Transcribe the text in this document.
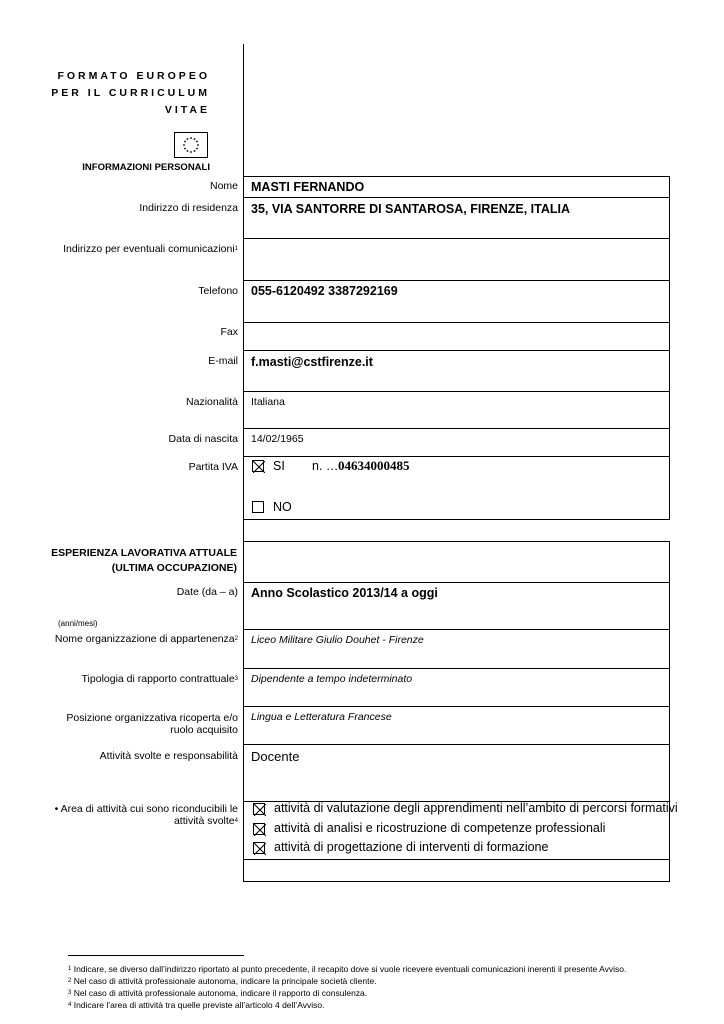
FORMATO EUROPEO
PER IL CURRICULUM
VITAE
INFORMAZIONI PERSONALI
Nome MASTI FERNANDO
Indirizzo di residenza 35, VIA SANTORRE DI SANTAROSA, FIRENZE, ITALIA
Indirizzo per eventuali comunicazioni$^1$
Telefono 055-6120492 3387292169
Fax
E-mail f.masti@cstfirenze.it
Nazionalità Italiana
Data di nascita 14/02/1965
Partita IVA	SI n. … 04634000485
NO
ESPERIENZA LAVORATIVA ATTUALE
(ULTIMA OCCUPAZIONE)
Date (da – a)
(anni/mesi)
Anno Scolastico 2013/14 a oggi
Nome organizzazione di appartenenza$^2$ Liceo Militare Giulio Douhet - Firenze
Tipologia di rapporto contrattuale$^3$ Dipendente a tempo indeterminato
Posizione organizzativa ricoperta e/o
ruolo acquisito
Lingua e Letteratura Francese
Attività svolte e responsabilità Docente
• Area di attività cui sono riconducibili le
attività svolte$^4$
attività di valutazione degli apprendimenti nell’ambito di percorsi formativi
attività di analisi e ricostruzione di competenze professionali
attività di progettazione di interventi di formazione
$^1$ Indicare, se diverso dall’indirizzo riportato al punto precedente, il recapito dove si vuole ricevere eventuali comunicazioni inerenti il presente Avviso.
$^2$ Nel caso di attività professionale autonoma, indicare la principale società cliente.
$^3$ Nel caso di attività professionale autonoma, indicare il rapporto di consulenza.
$^4$ Indicare l’area di attività tra quelle previste all’articolo 4 dell’Avviso.
